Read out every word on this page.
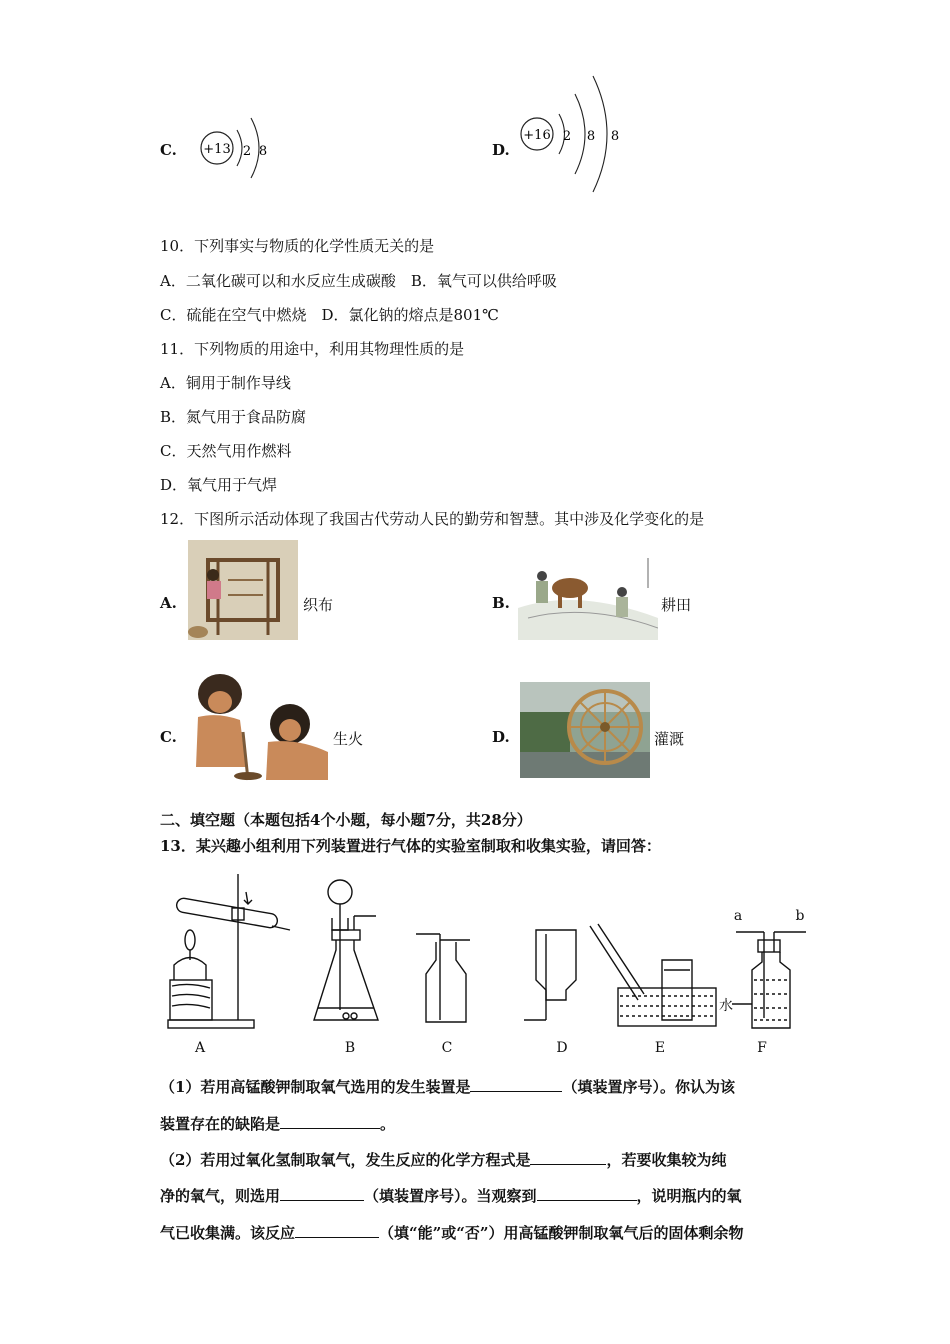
C. +13 2 8	D.
+16 2 8 8
10．下列事实与物质的化学性质无关的是
A．二氧化碳可以和水反应生成碳酸　B．氧气可以供给呼吸
C．硫能在空气中燃烧　D．氯化钠的熔点是801℃
11．下列物质的用途中，利用其物理性质的是
A．铜用于制作导线
B．氮气用于食品防腐
C．天然气用作燃料
D．氧气用于气焊
12．下图所示活动体现了我国古代劳动人民的勤劳和智慧。其中涉及化学变化的是
A.	织布	B.	耕田
C.	生火	D.	灌溉
二、填空题（本题包括4个小题，每小题7分，共28分）
13．某兴趣小组利用下列装置进行气体的实验室制取和收集实验，请回答：
A	B	C	D	E	F
a	b
水
（1）若用高锰酸钾制取氧气选用的发生装置是	（填装置序号）。你认为该
装置存在的缺陷是	。
（2）若用过氧化氢制取氧气，发生反应的化学方程式是	，若要收集较为纯
净的氧气，则选用	（填装置序号）。当观察到	，说明瓶内的氧
气已收集满。该反应	（填“能”或“否”）用高锰酸钾制取氧气后的固体剩余物
